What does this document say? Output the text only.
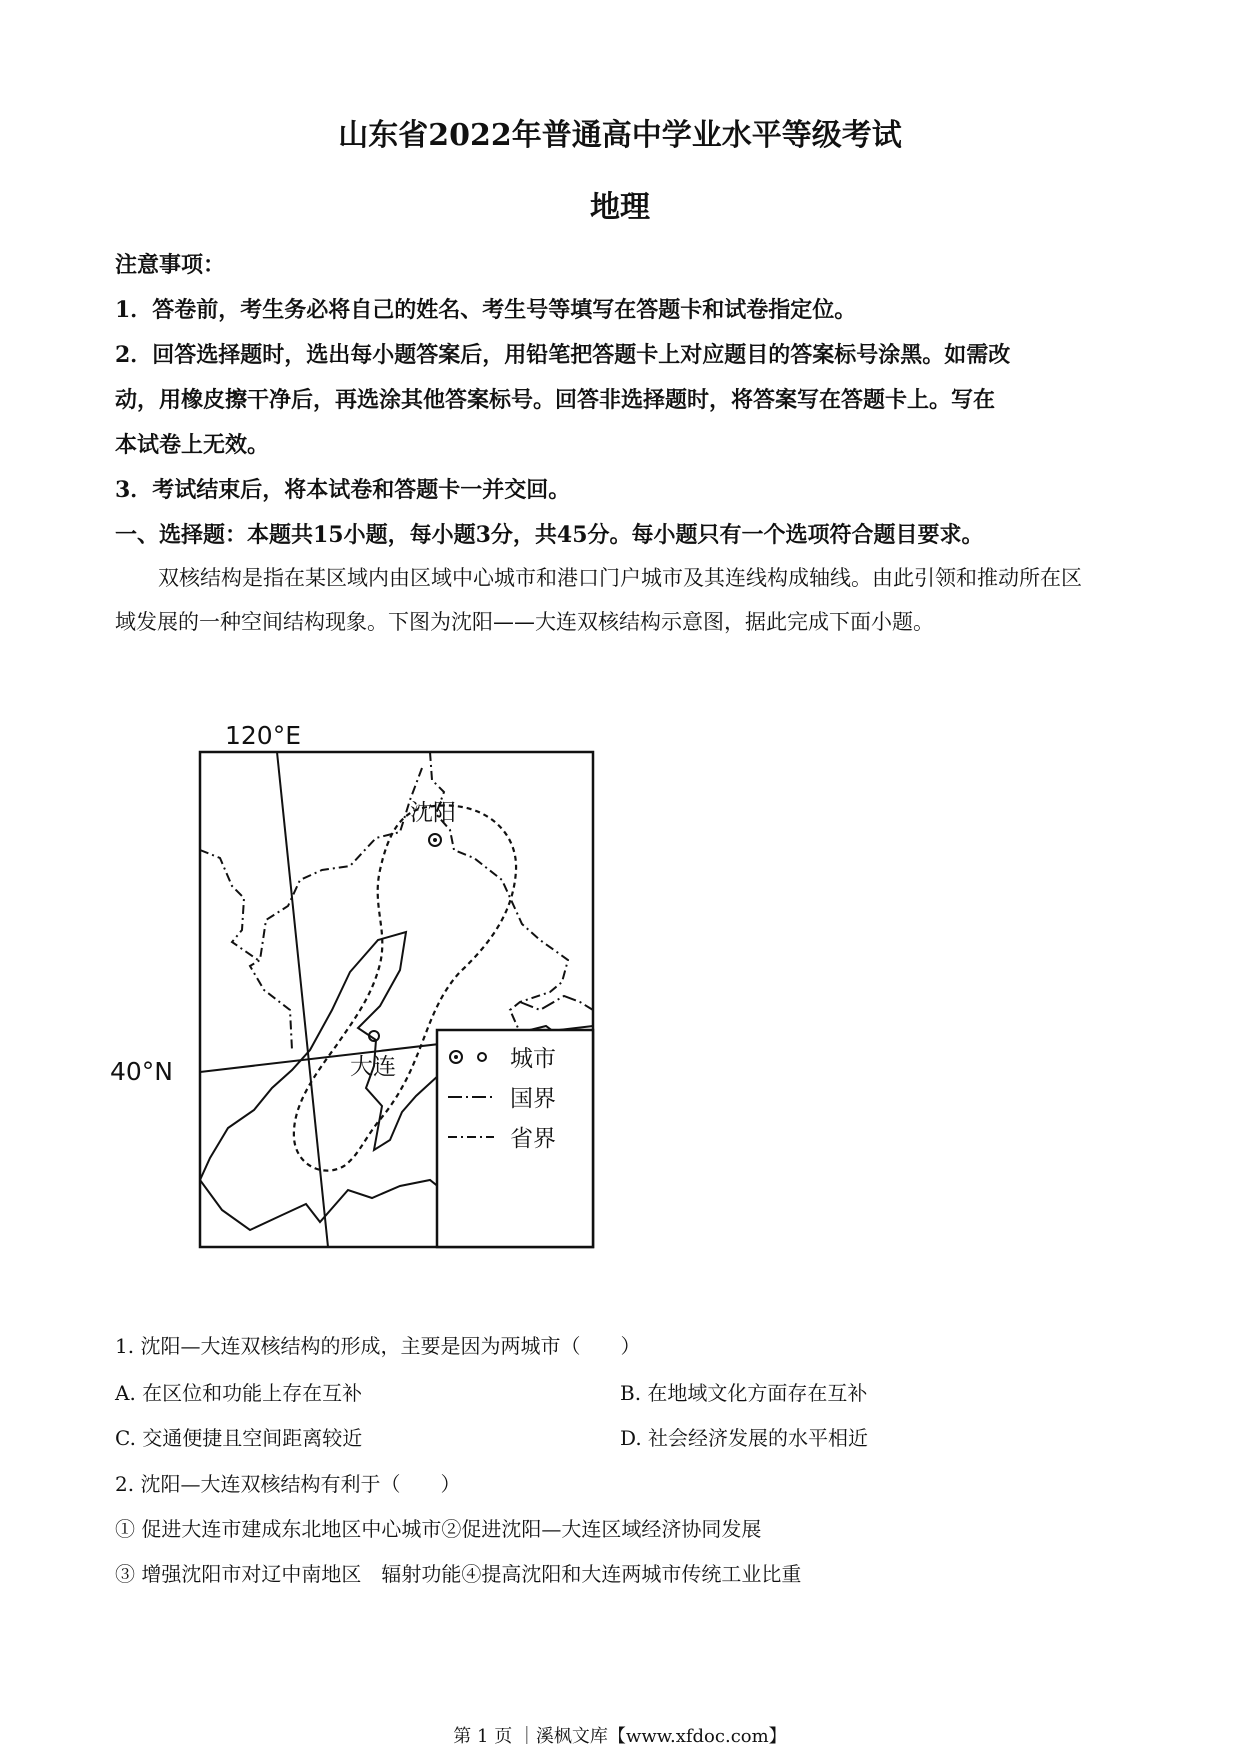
山东省2022年普通高中学业水平等级考试
地理
注意事项：
1．答卷前，考生务必将自己的姓名、考生号等填写在答题卡和试卷指定位。
2．回答选择题时，选出每小题答案后，用铅笔把答题卡上对应题目的答案标号涂黑。如需改
动，用橡皮擦干净后，再选涂其他答案标号。回答非选择题时，将答案写在答题卡上。写在
本试卷上无效。
3．考试结束后，将本试卷和答题卡一并交回。
一、选择题：本题共15小题，每小题3分，共45分。每小题只有一个选项符合题目要求。
双核结构是指在某区域内由区域中心城市和港口门户城市及其连线构成轴线。由此引领和推动所在区
域发展的一种空间结构现象。下图为沈阳——大连双核结构示意图，据此完成下面小题。
120°E
40°N
沈阳
大连	城市
国界
省界
1. 沈阳—大连双核结构的形成，主要是因为两城市（　　）
A. 在区位和功能上存在互补	B. 在地域文化方面存在互补
C. 交通便捷且空间距离较近	D. 社会经济发展的水平相近
2. 沈阳—大连双核结构有利于（　　）
① 促进大连市建成东北地区中心城市②促进沈阳—大连区域经济协同发展
③ 增强沈阳市对辽中南地区　辐射功能④提高沈阳和大连两城市传统工业比重
第 1 页 ｜溪枫文库【www.xfdoc.com】
